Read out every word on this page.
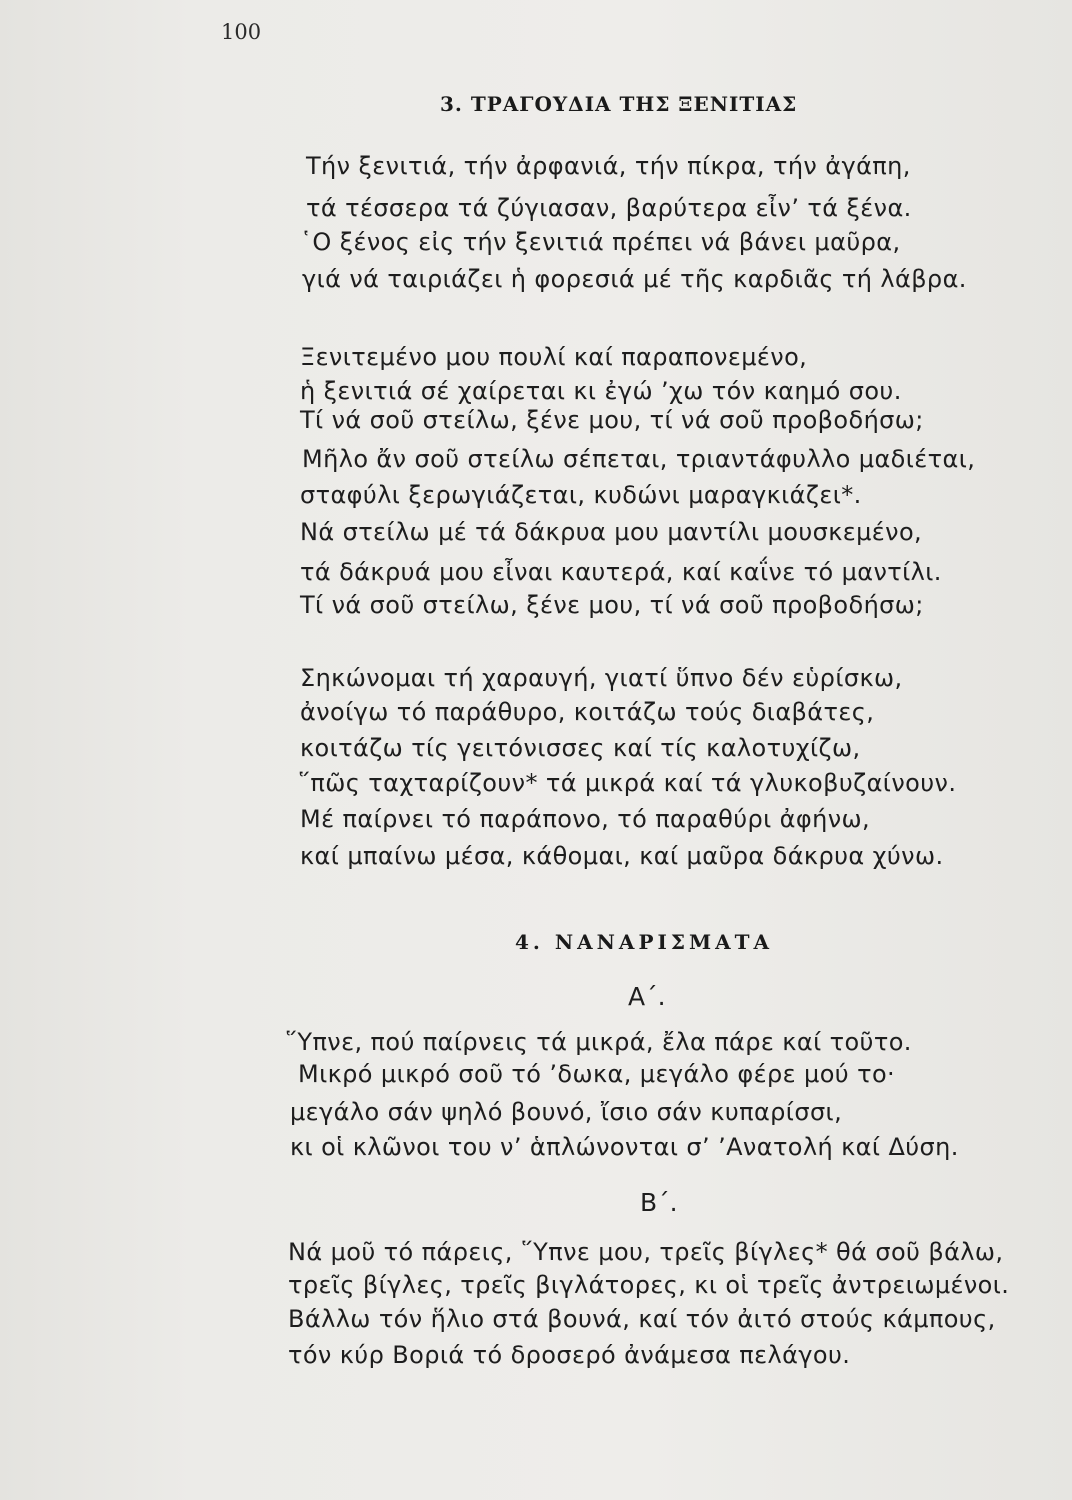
100
3. ΤΡΑΓΟΥΔΙΑ ΤΗΣ ΞΕΝΙΤΙΑΣ
Τήν ξενιτιά, τήν ἀρφανιά, τήν πίκρα, τήν ἀγάπη,
τά τέσσερα τά ζύγιασαν, βαρύτερα εἶν’ τά ξένα.
῾Ο ξένος εἰς τήν ξενιτιά πρέπει νά βάνει μαῦρα,
γιά νά ταιριάζει ἡ φορεσιά μέ τῆς καρδιᾶς τή λάβρα.
Ξενιτεμένο μου πουλί καί παραπονεμένο,
ἡ ξενιτιά σέ χαίρεται κι ἐγώ ’χω τόν καημό σου.
Τί νά σοῦ στείλω, ξένε μου, τί νά σοῦ προβοδήσω;
Μῆλο ἄν σοῦ στείλω σέπεται, τριαντάφυλλο μαδιέται,
σταφύλι ξερωγιάζεται, κυδώνι μαραγκιάζει*.
Νά στείλω μέ τά δάκρυα μου μαντίλι μουσκεμένο,
τά δάκρυά μου εἶναι καυτερά, καί καΐνε τό μαντίλι.
Τί νά σοῦ στείλω, ξένε μου, τί νά σοῦ προβοδήσω;
Σηκώνομαι τή χαραυγή, γιατί ὕπνο δέν εὑρίσκω,
ἀνοίγω τό παράθυρο, κοιτάζω τούς διαβάτες,
κοιτάζω τίς γειτόνισσες καί τίς καλοτυχίζω,
῞πῶς ταχταρίζουν* τά μικρά καί τά γλυκοβυζαίνουν.
Μέ παίρνει τό παράπονο, τό παραθύρι ἀφήνω,
καί μπαίνω μέσα, κάθομαι, καί μαῦρα δάκρυα χύνω.
4. ΝΑΝΑΡΙΣΜΑΤΑ
Α΄.
῞Υπνε, πού παίρνεις τά μικρά, ἔλα πάρε καί τοῦτο.
Μικρό μικρό σοῦ τό ’δωκα, μεγάλο φέρε μού το·
μεγάλο σάν ψηλό βουνό, ἴσιο σάν κυπαρίσσι,
κι οἱ κλῶνοι του ν’ ἁπλώνονται σ’ ’Ανατολή καί Δύση.
Β΄.
Νά μοῦ τό πάρεις, ῞Υπνε μου, τρεῖς βίγλες* θά σοῦ βάλω,
τρεῖς βίγλες, τρεῖς βιγλάτορες, κι οἱ τρεῖς ἀντρειωμένοι.
Βάλλω τόν ἥλιο στά βουνά, καί τόν ἀιτό στούς κάμπους,
τόν κύρ Βοριά τό δροσερό ἀνάμεσα πελάγου.
